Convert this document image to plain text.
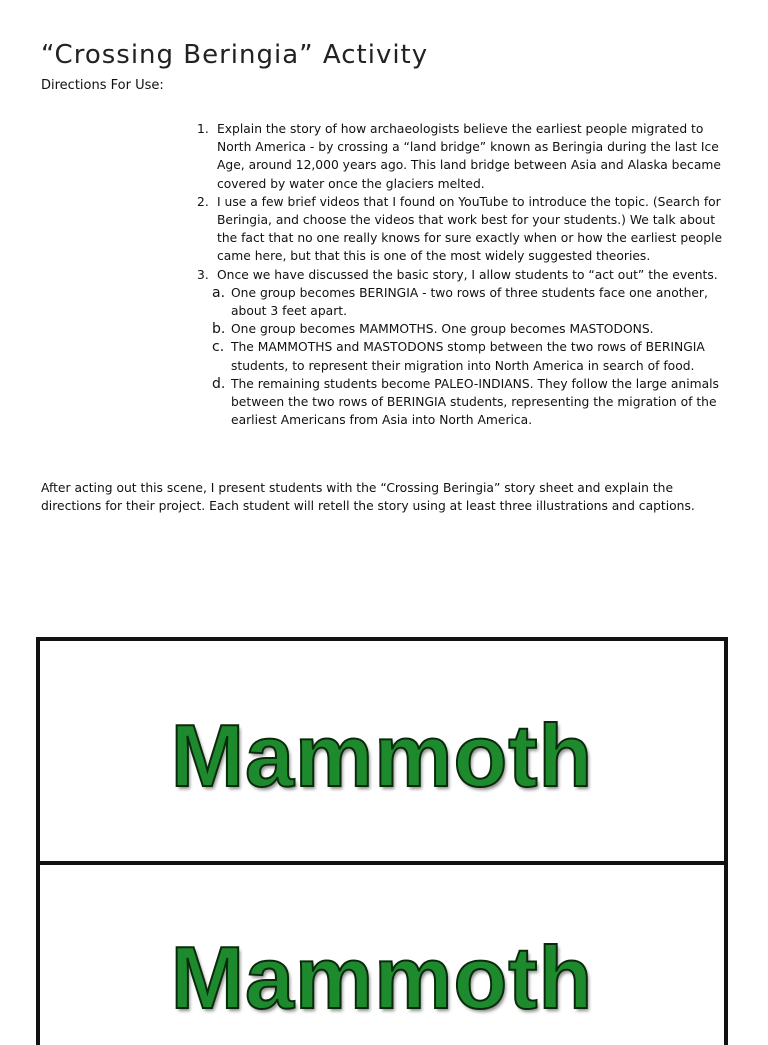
“Crossing Beringia” Activity
Directions For Use:
1. Explain the story of how archaeologists believe the earliest people migrated to North America - by crossing a “land bridge” known as Beringia during the last Ice Age, around 12,000 years ago. This land bridge between Asia and Alaska became covered by water once the glaciers melted.
2. I use a few brief videos that I found on YouTube to introduce the topic. (Search for Beringia, and choose the videos that work best for your students.) We talk about the fact that no one really knows for sure exactly when or how the earliest people came here, but that this is one of the most widely suggested theories.
3. Once we have discussed the basic story, I allow students to “act out” the events.
a. One group becomes BERINGIA - two rows of three students face one another, about 3 feet apart.
b. One group becomes MAMMOTHS. One group becomes MASTODONS.
c. The MAMMOTHS and MASTODONS stomp between the two rows of BERINGIA students, to represent their migration into North America in search of food.
d. The remaining students become PALEO-INDIANS. They follow the large animals between the two rows of BERINGIA students, representing the migration of the earliest Americans from Asia into North America.
After acting out this scene, I present students with the “Crossing Beringia” story sheet and explain the directions for their project. Each student will retell the story using at least three illustrations and captions.
Mammoth
Mammoth
